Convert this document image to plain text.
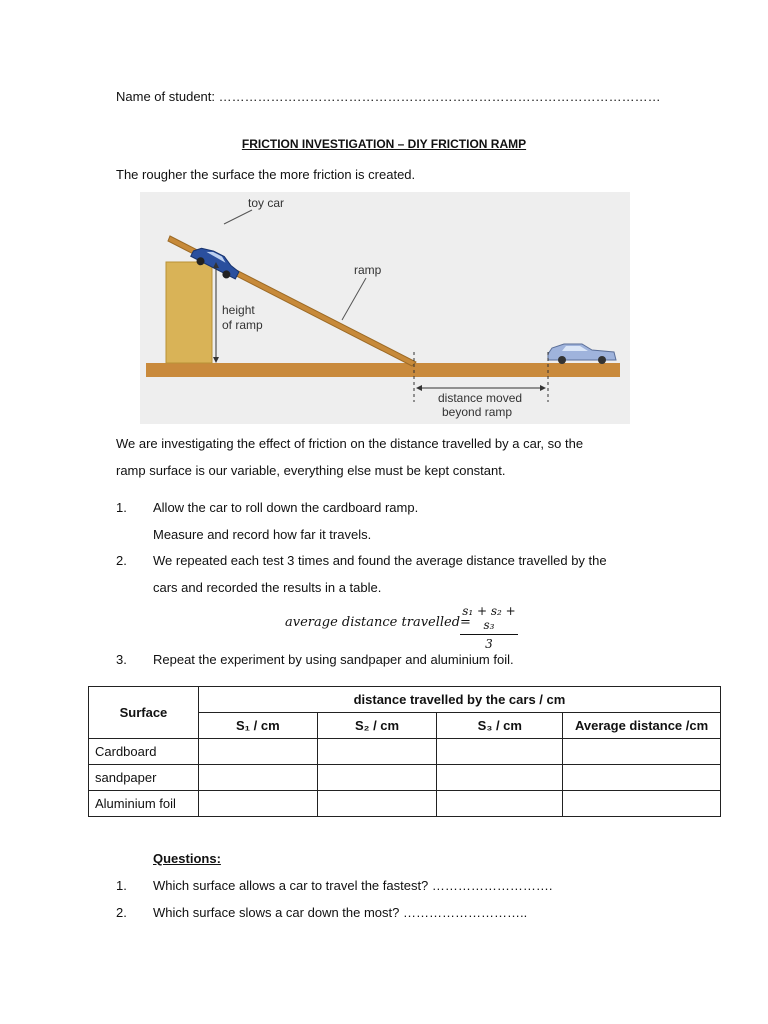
Name of student: …………………………………………………………………………………………
FRICTION INVESTIGATION – DIY FRICTION RAMP
The rougher the surface the more friction is created.
toy car
ramp
height
of ramp
distance moved
beyond ramp
We are investigating the effect of friction on the distance travelled by a car, so the
ramp surface is our variable, everything else must be kept constant.
1. Allow the car to roll down the cardboard ramp.
Measure and record how far it travels.
2. We repeated each test 3 times and found the average distance travelled by the
cars and recorded the results in a table.
average distance travelled=
s₁ + s₂ + s₃
3
3. Repeat the experiment by using sandpaper and aluminium foil.
Surface	distance travelled by the cars / cm			
	S₁ / cm	S₂ / cm	S₃ / cm	Average distance /cm
Cardboard				
sandpaper				
Aluminium foil				
Questions:
1. Which surface allows a car to travel the fastest? ……………………….
2. Which surface slows a car down the most? ………………………..
